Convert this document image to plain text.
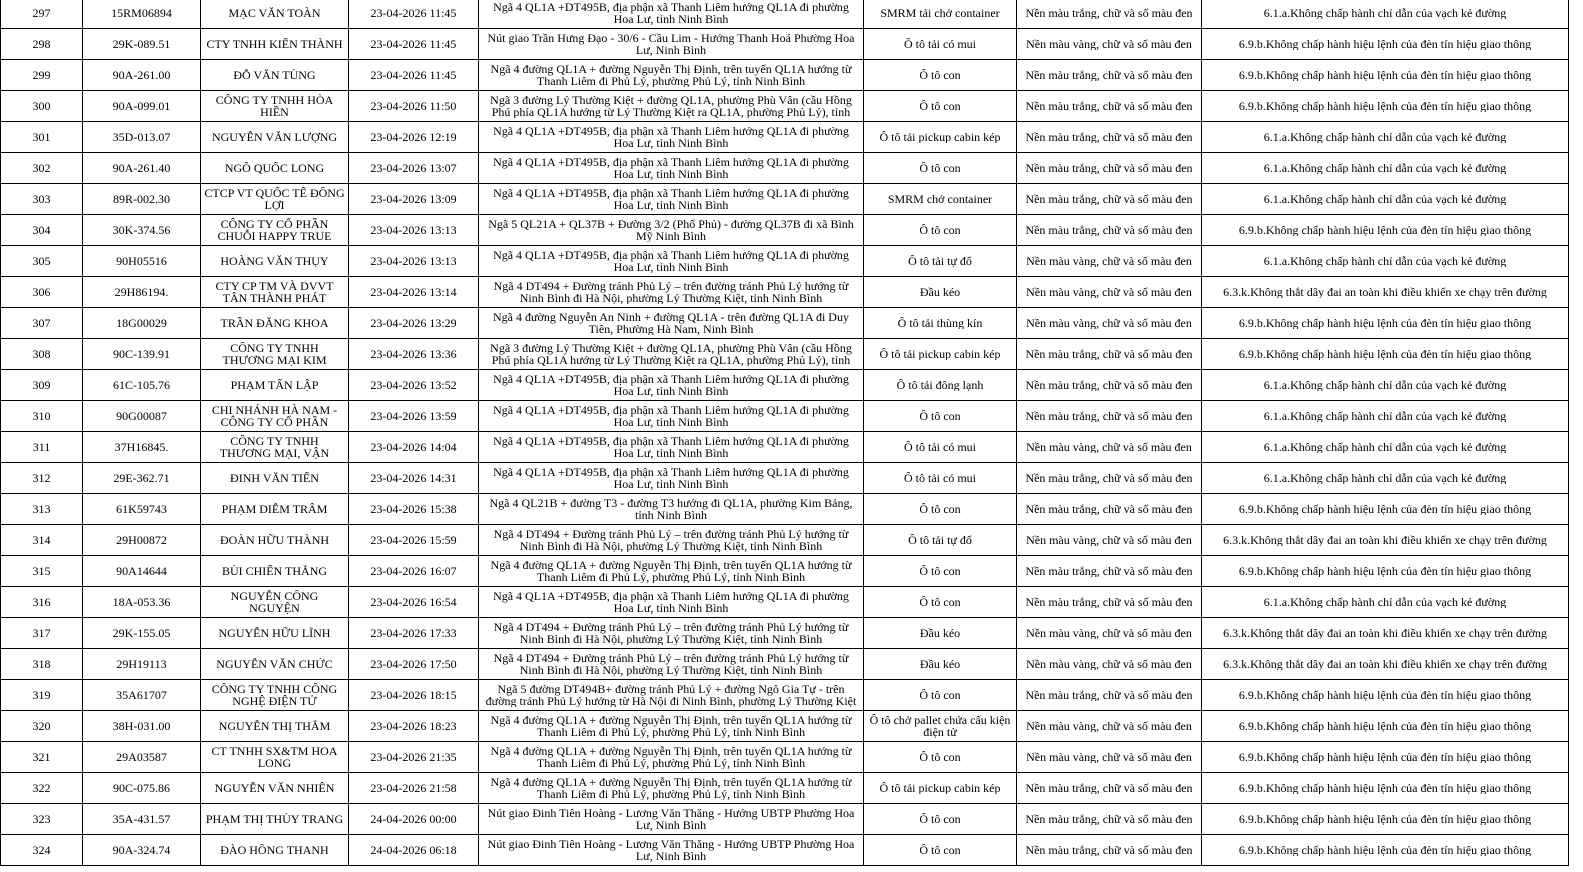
297	15RM06894	MẠC VĂN TOÀN	23-04-2026 11:45	Ngã 4 QL1A +DT495B, địa phận xã Thanh Liêm hướng QL1A đi phường Hoa Lư, tỉnh Ninh Bình	SMRM tải chở container	Nền màu trắng, chữ và số màu đen	6.1.a.Không chấp hành chỉ dẫn của vạch kẻ đường

298	29K-089.51	CTY TNHH KIẾN THÀNH	23-04-2026 11:45	Nút giao Trần Hưng Đạo - 30/6 - Cầu Lim - Hướng Thanh Hoá Phường Hoa Lư, Ninh Bình	Ô tô tải có mui	Nền màu vàng, chữ và số màu đen	6.9.b.Không chấp hành hiệu lệnh của đèn tín hiệu giao thông

299	90A-261.00	ĐỖ VĂN TÙNG	23-04-2026 11:45	Ngã 4 đường QL1A + đường Nguyễn Thị Định, trên tuyến QL1A hướng từ Thanh Liêm đi Phủ Lý, phường Phủ Lý, tỉnh Ninh Bình	Ô tô con	Nền màu trắng, chữ và số màu đen	6.9.b.Không chấp hành hiệu lệnh của đèn tín hiệu giao thông

300	90A-099.01	CÔNG TY TNHH HÒA HIỀN	23-04-2026 11:50	Ngã 3 đường Lý Thường Kiệt + đường QL1A, phường Phù Vân (cầu Hồng Phú phía QL1A hướng từ Lý Thường Kiệt ra QL1A, phường Phủ Lý), tỉnh	Ô tô con	Nền màu trắng, chữ và số màu đen	6.9.b.Không chấp hành hiệu lệnh của đèn tín hiệu giao thông

301	35D-013.07	NGUYỄN VĂN LƯỢNG	23-04-2026 12:19	Ngã 4 QL1A +DT495B, địa phận xã Thanh Liêm hướng QL1A đi phường Hoa Lư, tỉnh Ninh Bình	Ô tô tải pickup cabin kép	Nền màu trắng, chữ và số màu đen	6.1.a.Không chấp hành chỉ dẫn của vạch kẻ đường

302	90A-261.40	NGÔ QUỐC LONG	23-04-2026 13:07	Ngã 4 QL1A +DT495B, địa phận xã Thanh Liêm hướng QL1A đi phường Hoa Lư, tỉnh Ninh Bình	Ô tô con	Nền màu trắng, chữ và số màu đen	6.1.a.Không chấp hành chỉ dẫn của vạch kẻ đường

303	89R-002.30	CTCP VT QUỐC TẾ ĐỒNG LỢI	23-04-2026 13:09	Ngã 4 QL1A +DT495B, địa phận xã Thanh Liêm hướng QL1A đi phường Hoa Lư, tỉnh Ninh Bình	SMRM chở container	Nền màu trắng, chữ và số màu đen	6.1.a.Không chấp hành chỉ dẫn của vạch kẻ đường

304	30K-374.56	CÔNG TY CỔ PHẦN CHUỖI HAPPY TRUE	23-04-2026 13:13	Ngã 5 QL21A + QL37B + Đường 3/2 (Phố Phủ) - đường QL37B đi xã Bình Mỹ Ninh Bình	Ô tô con	Nền màu trắng, chữ và số màu đen	6.9.b.Không chấp hành hiệu lệnh của đèn tín hiệu giao thông

305	90H05516	HOÀNG VĂN THỤY	23-04-2026 13:13	Ngã 4 QL1A +DT495B, địa phận xã Thanh Liêm hướng QL1A đi phường Hoa Lư, tỉnh Ninh Bình	Ô tô tải tự đổ	Nền màu vàng, chữ và số màu đen	6.1.a.Không chấp hành chỉ dẫn của vạch kẻ đường

306	29H86194.	CTY CP TM VÀ DVVT TÂN THÀNH PHÁT	23-04-2026 13:14	Ngã 4 DT494 + Đường tránh Phủ Lý – trên đường tránh Phủ Lý hướng từ Ninh Bình đi Hà Nội, phường Lý Thường Kiệt, tỉnh Ninh Bình	Đầu kéo	Nền màu vàng, chữ và số màu đen	6.3.k.Không thắt dây đai an toàn khi điều khiển xe chạy trên đường

307	18G00029	TRẦN ĐĂNG KHOA	23-04-2026 13:29	Ngã 4 đường Nguyễn An Ninh + đường QL1A - trên đường QL1A đi Duy Tiên, Phường Hà Nam, Ninh Bình	Ô tô tải thùng kín	Nền màu vàng, chữ và số màu đen	6.9.b.Không chấp hành hiệu lệnh của đèn tín hiệu giao thông

308	90C-139.91	CÔNG TY TNHH THƯƠNG MẠI KIM	23-04-2026 13:36	Ngã 3 đường Lý Thường Kiệt + đường QL1A, phường Phù Vân (cầu Hồng Phú phía QL1A hướng từ Lý Thường Kiệt ra QL1A, phường Phủ Lý), tỉnh	Ô tô tải pickup cabin kép	Nền màu trắng, chữ và số màu đen	6.9.b.Không chấp hành hiệu lệnh của đèn tín hiệu giao thông

309	61C-105.76	PHẠM TẤN LẬP	23-04-2026 13:52	Ngã 4 QL1A +DT495B, địa phận xã Thanh Liêm hướng QL1A đi phường Hoa Lư, tỉnh Ninh Bình	Ô tô tải đông lạnh	Nền màu trắng, chữ và số màu đen	6.1.a.Không chấp hành chỉ dẫn của vạch kẻ đường

310	90G00087	CHI NHÁNH HÀ NAM - CÔNG TY CỔ PHẦN	23-04-2026 13:59	Ngã 4 QL1A +DT495B, địa phận xã Thanh Liêm hướng QL1A đi phường Hoa Lư, tỉnh Ninh Bình	Ô tô con	Nền màu trắng, chữ và số màu đen	6.1.a.Không chấp hành chỉ dẫn của vạch kẻ đường

311	37H16845.	CÔNG TY TNHH THƯƠNG MẠI, VẬN	23-04-2026 14:04	Ngã 4 QL1A +DT495B, địa phận xã Thanh Liêm hướng QL1A đi phường Hoa Lư, tỉnh Ninh Bình	Ô tô tải có mui	Nền màu vàng, chữ và số màu đen	6.1.a.Không chấp hành chỉ dẫn của vạch kẻ đường

312	29E-362.71	ĐINH VĂN TIẾN	23-04-2026 14:31	Ngã 4 QL1A +DT495B, địa phận xã Thanh Liêm hướng QL1A đi phường Hoa Lư, tỉnh Ninh Bình	Ô tô tải có mui	Nền màu trắng, chữ và số màu đen	6.1.a.Không chấp hành chỉ dẫn của vạch kẻ đường

313	61K59743	PHẠM DIỄM TRÂM	23-04-2026 15:38	Ngã 4 QL21B + đường T3 - đường T3 hướng đi QL1A, phường Kim Bảng, tỉnh Ninh Bình	Ô tô con	Nền màu trắng, chữ và số màu đen	6.9.b.Không chấp hành hiệu lệnh của đèn tín hiệu giao thông

314	29H00872	ĐOÀN HỮU THÀNH	23-04-2026 15:59	Ngã 4 DT494 + Đường tránh Phủ Lý – trên đường tránh Phủ Lý hướng từ Ninh Bình đi Hà Nội, phường Lý Thường Kiệt, tỉnh Ninh Bình	Ô tô tải tự đổ	Nền màu vàng, chữ và số màu đen	6.3.k.Không thắt dây đai an toàn khi điều khiển xe chạy trên đường

315	90A14644	BÙI CHIẾN THẮNG	23-04-2026 16:07	Ngã 4 đường QL1A + đường Nguyễn Thị Định, trên tuyến QL1A hướng từ Thanh Liêm đi Phủ Lý, phường Phủ Lý, tỉnh Ninh Bình	Ô tô con	Nền màu trắng, chữ và số màu đen	6.9.b.Không chấp hành hiệu lệnh của đèn tín hiệu giao thông

316	18A-053.36	NGUYỄN CÔNG NGUYỆN	23-04-2026 16:54	Ngã 4 QL1A +DT495B, địa phận xã Thanh Liêm hướng QL1A đi phường Hoa Lư, tỉnh Ninh Bình	Ô tô con	Nền màu trắng, chữ và số màu đen	6.1.a.Không chấp hành chỉ dẫn của vạch kẻ đường

317	29K-155.05	NGUYỄN HỮU LĨNH	23-04-2026 17:33	Ngã 4 DT494 + Đường tránh Phủ Lý – trên đường tránh Phủ Lý hướng từ Ninh Bình đi Hà Nội, phường Lý Thường Kiệt, tỉnh Ninh Bình	Đầu kéo	Nền màu vàng, chữ và số màu đen	6.3.k.Không thắt dây đai an toàn khi điều khiển xe chạy trên đường

318	29H19113	NGUYỄN VĂN CHỨC	23-04-2026 17:50	Ngã 4 DT494 + Đường tránh Phủ Lý – trên đường tránh Phủ Lý hướng từ Ninh Bình đi Hà Nội, phường Lý Thường Kiệt, tỉnh Ninh Bình	Đầu kéo	Nền màu vàng, chữ và số màu đen	6.3.k.Không thắt dây đai an toàn khi điều khiển xe chạy trên đường

319	35A61707	CÔNG TY TNHH CÔNG NGHỆ ĐIỆN TỬ	23-04-2026 18:15	Ngã 5 đường DT494B+ đường tránh Phủ Lý + đường Ngô Gia Tự - trên đường tránh Phủ Lý hướng từ Hà Nội đi Ninh Bình, phường Lý Thường Kiệt	Ô tô con	Nền màu trắng, chữ và số màu đen	6.9.b.Không chấp hành hiệu lệnh của đèn tín hiệu giao thông

320	38H-031.00	NGUYỄN THỊ THẮM	23-04-2026 18:23	Ngã 4 đường QL1A + đường Nguyễn Thị Định, trên tuyến QL1A hướng từ Thanh Liêm đi Phủ Lý, phường Phủ Lý, tỉnh Ninh Bình	Ô tô chở pallet chứa cấu kiện điện tử	Nền màu vàng, chữ và số màu đen	6.9.b.Không chấp hành hiệu lệnh của đèn tín hiệu giao thông

321	29A03587	CT TNHH SX&TM HOA LONG	23-04-2026 21:35	Ngã 4 đường QL1A + đường Nguyễn Thị Định, trên tuyến QL1A hướng từ Thanh Liêm đi Phủ Lý, phường Phủ Lý, tỉnh Ninh Bình	Ô tô con	Nền màu vàng, chữ và số màu đen	6.9.b.Không chấp hành hiệu lệnh của đèn tín hiệu giao thông

322	90C-075.86	NGUYỄN VĂN NHIÊN	23-04-2026 21:58	Ngã 4 đường QL1A + đường Nguyễn Thị Định, trên tuyến QL1A hướng từ Thanh Liêm đi Phủ Lý, phường Phủ Lý, tỉnh Ninh Bình	Ô tô tải pickup cabin kép	Nền màu trắng, chữ và số màu đen	6.9.b.Không chấp hành hiệu lệnh của đèn tín hiệu giao thông

323	35A-431.57	PHẠM THỊ THÙY TRANG	24-04-2026 00:00	Nút giao Đinh Tiên Hoàng - Lương Văn Thăng - Hướng UBTP Phường Hoa Lư, Ninh Bình	Ô tô con	Nền màu trắng, chữ và số màu đen	6.9.b.Không chấp hành hiệu lệnh của đèn tín hiệu giao thông

324	90A-324.74	ĐÀO HỒNG THANH	24-04-2026 06:18	Nút giao Đinh Tiên Hoàng - Lương Văn Thăng - Hướng UBTP Phường Hoa Lư, Ninh Bình	Ô tô con	Nền màu trắng, chữ và số màu đen	6.9.b.Không chấp hành hiệu lệnh của đèn tín hiệu giao thông
